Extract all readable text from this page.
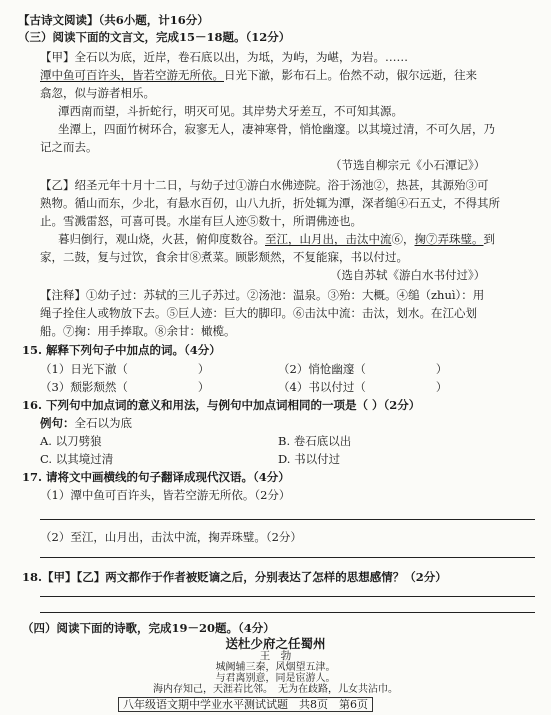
【古诗文阅读】（共6小题，计16分）
（三）阅读下面的文言文，完成15－18题。（12分）
【甲】全石以为底，近岸，卷石底以出，为坻，为屿，为嵁，为岩。……
潭中鱼可百许头，皆若空游无所依。日光下澈，影布石上。佁然不动，俶尔远逝，往来
翕忽，似与游者相乐。
潭西南而望，斗折蛇行，明灭可见。其岸势犬牙差互，不可知其源。
坐潭上，四面竹树环合，寂寥无人，凄神寒骨，悄怆幽邃。以其境过清，不可久居，乃
记之而去。
（节选自柳宗元《小石潭记》）
【乙】绍圣元年十月十二日，与幼子过①游白水佛迹院。浴于汤池②，热甚，其源殆③可
熟物。循山而东，少北，有悬水百仞，山八九折，折处辄为潭，深者缒④石五丈，不得其所
止。雪溅雷怒，可喜可畏。水崖有巨人迹⑤数十，所谓佛迹也。
暮归倒行，观山烧，火甚，俯仰度数谷。至江，山月出，击汰中流⑥，掬⑦弄珠璧。到
家，二鼓，复与过饮，食余甘⑧煮菜。顾影颓然，不复能寐，书以付过。
（选自苏轼《游白水书付过》）
【注释】①幼子过：苏轼的三儿子苏过。②汤池：温泉。③殆：大概。④缒（zhuì）：用
绳子拴住人或物放下去。⑤巨人迹：巨大的脚印。⑥击汰中流：击汰，划水。在江心划
船。⑦掬：用手捧取。⑧余甘：橄榄。
15. 解释下列句子中加点的词。（4分）
（1）日光下澈（	）	（2）悄怆幽邃（	）
（3）颓影颓然（	）	（4）书以付过（	）
16. 下列句中加点词的意义和用法，与例句中加点词相同的一项是（ ）（2分）
例句：全石以为底
A. 以刀劈狼	B. 卷石底以出
C. 以其境过清	D. 书以付过
17. 请将文中画横线的句子翻译成现代汉语。（4分）
（1）潭中鱼可百许头，皆若空游无所依。（2分）
（2）至江，山月出，击汰中流，掬弄珠璧。（2分）
18.【甲】【乙】两文都作于作者被贬谪之后，分别表达了怎样的思想感情？（2分）
（四）阅读下面的诗歌，完成19－20题。（4分）
送杜少府之任蜀州
王　勃
城阙辅三秦，风烟望五津。
八年级语文期中学业水平测试试题　共8页　第6页
与君离别意，同是宦游人。
海内存知己，天涯若比邻。　 无为在歧路，儿女共沾巾。
